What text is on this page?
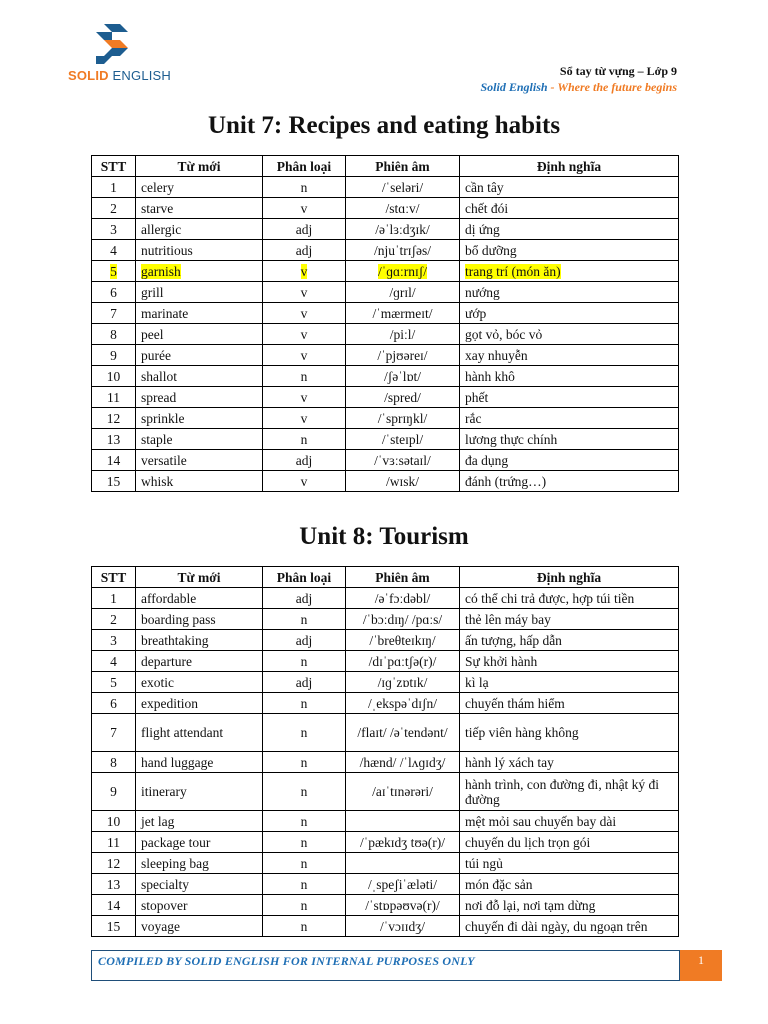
SOLID ENGLISH	Sổ tay từ vựng – Lớp 9
Solid English - Where the future begins
Unit 7: Recipes and eating habits
STT	Từ mới	Phân loại	Phiên âm	Định nghĩa
1	celery	n	/ˈseləri/	cần tây
2	starve	v	/stɑːv/	chết đói
3	allergic	adj	/əˈlɜːdʒɪk/	dị ứng
4	nutritious	adj	/njuˈtrɪʃəs/	bổ dưỡng
5	garnish	v	/ˈɡɑːrnɪʃ/	trang trí (món ăn)
6	grill	v	/ɡrɪl/	nướng
7	marinate	v	/ˈmærmeɪt/	ướp
8	peel	v	/piːl/	gọt vỏ, bóc vỏ
9	purée	v	/ˈpjʊəreɪ/	xay nhuyễn
10	shallot	n	/ʃəˈlɒt/	hành khô
11	spread	v	/spred/	phết
12	sprinkle	v	/ˈsprɪŋkl/	rắc
13	staple	n	/ˈsteɪpl/	lương thực chính
14	versatile	adj	/ˈvɜːsətaɪl/	đa dụng
15	whisk	v	/wɪsk/	đánh (trứng…)
Unit 8: Tourism
STT	Từ mới	Phân loại	Phiên âm	Định nghĩa
1	affordable	adj	/əˈfɔːdəbl/	có thể chi trả được, hợp túi tiền
2	boarding pass	n	/ˈbɔːdɪŋ/ /pɑːs/	thẻ lên máy bay
3	breathtaking	adj	/ˈbreθteɪkɪŋ/	ấn tượng, hấp dẫn
4	departure	n	/dɪˈpɑːtʃə(r)/	Sự khởi hành
5	exotic	adj	/ɪɡˈzɒtɪk/	kì lạ
6	expedition	n	/ˌekspəˈdɪʃn/	chuyến thám hiểm
7	flight attendant	n	/flaɪt/ /əˈtendənt/	tiếp viên hàng không
8	hand luggage	n	/hænd/ /ˈlʌɡɪdʒ/	hành lý xách tay
9	itinerary	n	/aɪˈtɪnərəri/	hành trình, con đường đi, nhật ký đi đường
10	jet lag	n		mệt mỏi sau chuyến bay dài
11	package tour	n	/ˈpækɪdʒ tʊə(r)/	chuyến du lịch trọn gói
12	sleeping bag	n		túi ngủ
13	specialty	n	/ˌspeʃiˈæləti/	món đặc sản
14	stopover	n	/ˈstɒpəʊvə(r)/	nơi đỗ lại, nơi tạm dừng
15	voyage	n	/ˈvɔɪɪdʒ/	chuyến đi dài ngày, du ngoạn trên
COMPILED BY SOLID ENGLISH FOR INTERNAL PURPOSES ONLY	1
